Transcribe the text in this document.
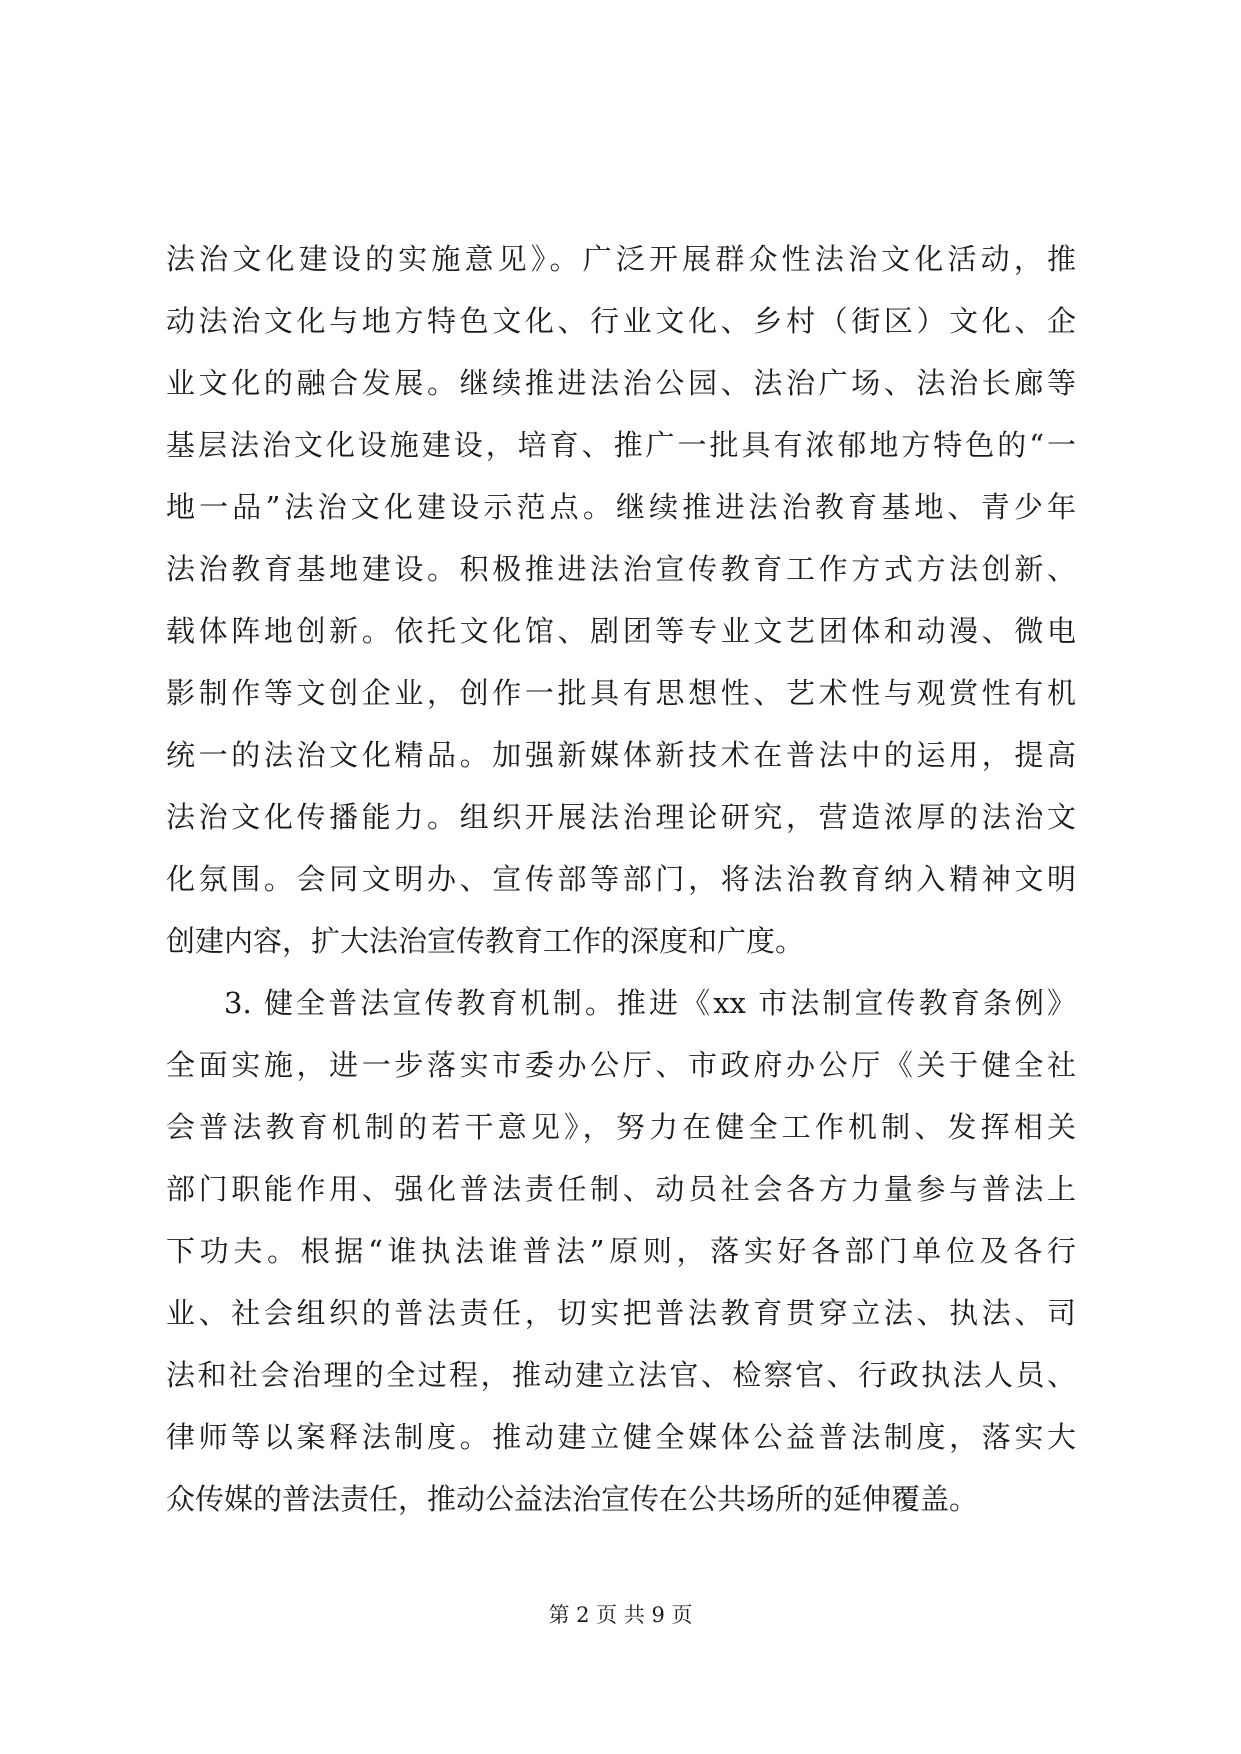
法治文化建设的实施意见》。广泛开展群众性法治文化活动，推
动法治文化与地方特色文化、行业文化、乡村（街区）文化、企
业文化的融合发展。继续推进法治公园、法治广场、法治长廊等
基层法治文化设施建设，培育、推广一批具有浓郁地方特色的“一
地一品”法治文化建设示范点。继续推进法治教育基地、青少年
法治教育基地建设。积极推进法治宣传教育工作方式方法创新、
载体阵地创新。依托文化馆、剧团等专业文艺团体和动漫、微电
影制作等文创企业，创作一批具有思想性、艺术性与观赏性有机
统一的法治文化精品。加强新媒体新技术在普法中的运用，提高
法治文化传播能力。组织开展法治理论研究，营造浓厚的法治文
化氛围。会同文明办、宣传部等部门，将法治教育纳入精神文明
创建内容，扩大法治宣传教育工作的深度和广度。
3. 健全普法宣传教育机制。推进《xx 市法制宣传教育条例》
全面实施，进一步落实市委办公厅、市政府办公厅《关于健全社
会普法教育机制的若干意见》，努力在健全工作机制、发挥相关
部门职能作用、强化普法责任制、动员社会各方力量参与普法上
下功夫。根据“谁执法谁普法”原则，落实好各部门单位及各行
业、社会组织的普法责任，切实把普法教育贯穿立法、执法、司
法和社会治理的全过程，推动建立法官、检察官、行政执法人员、
律师等以案释法制度。推动建立健全媒体公益普法制度，落实大
众传媒的普法责任，推动公益法治宣传在公共场所的延伸覆盖。
第 2 页 共 9 页
